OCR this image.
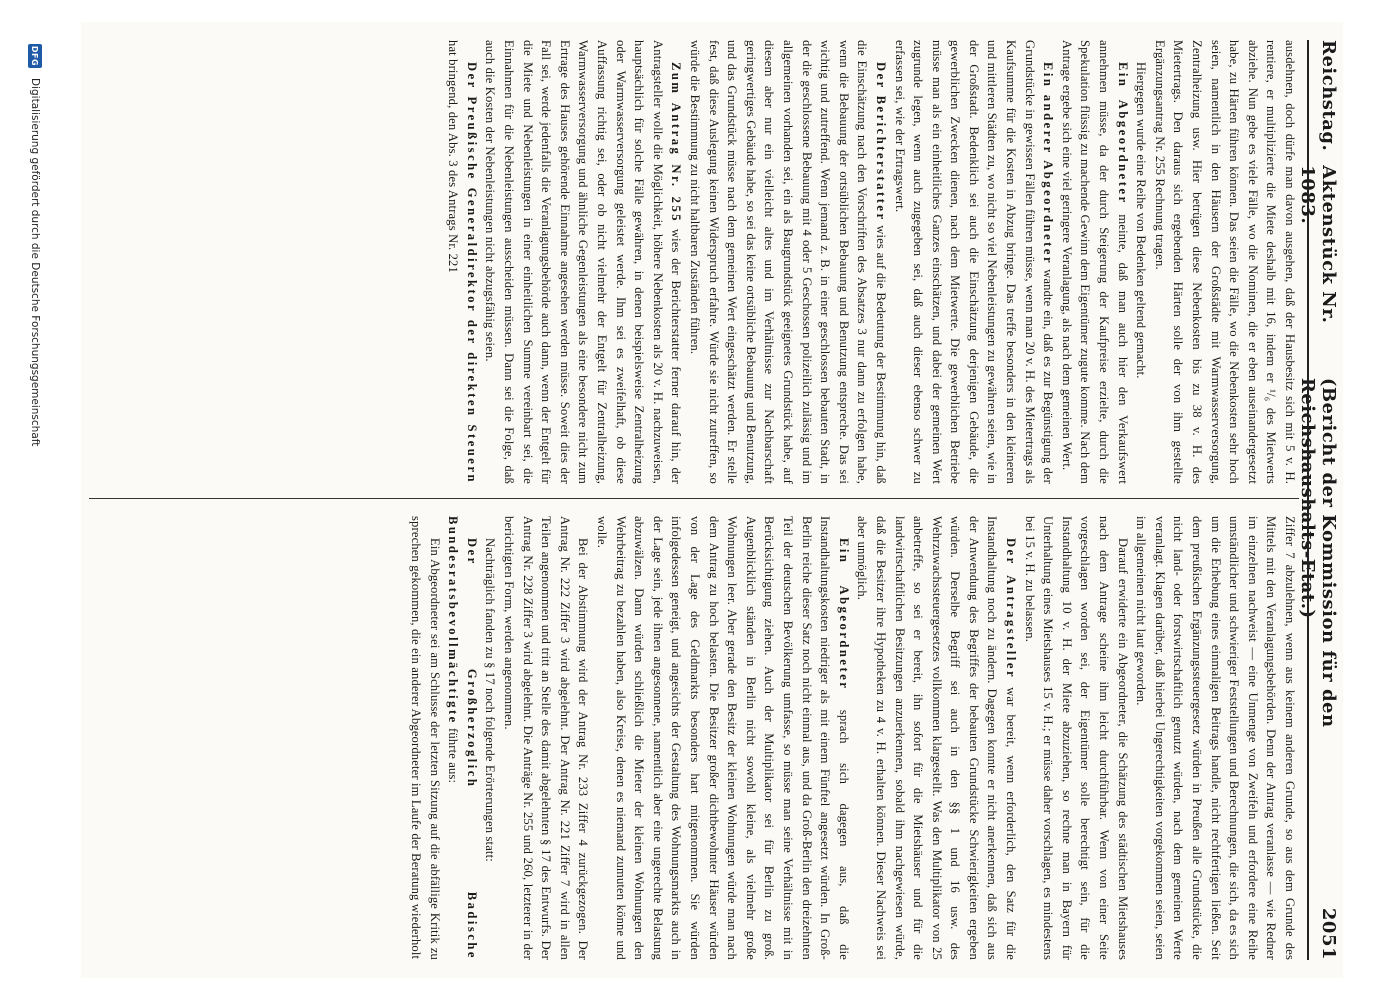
Reichstag.
Aktenstück Nr. 1083.
(Bericht der Kommission für den Reichshaushalts-Etat.)
2051

ausdehnen, doch dürfe man davon ausgehen, daß der Hausbesitz sich mit 5 v. H. rentiere, er multiplizierte die Miete deshalb mit 16, indem er ¹/₆ des Mietwerts abziehe. Nun gebe es viele Fälle, wo die Nominen, die er eben auseinandergesetzt habe, zu Härten führen können. Das seien die Fälle, wo die Nebenkosten sehr hoch seien, namentlich in den Häusern der Großstädte mit Warmwasserversorgung, Zentralheizung usw. Hier betrügen diese Nebenkosten bis zu 38 v. H. des Mietertrags. Den daraus sich ergebenden Härten solle der von ihm gestellte Ergänzungsantrag Nr. 255 Rechnung tragen.

Hiergegen wurde eine Reihe von Bedenken geltend gemacht.

Ein Abgeordneter meinte, daß man auch hier den Verkaufswert annehmen müsse, da der durch Steigerung der Kaufpreise erzielte, durch die Spekulation flüssig zu machende Gewinn dem Eigentümer zugute komme. Nach dem Antrage ergebe sich eine viel geringere Veranlagung, als nach dem gemeinen Wert.

Ein anderer Abgeordneter wandte ein, daß es zur Begünstigung der Grundstücke in gewissen Fällen führen müsse, wenn man 20 v. H. des Mietertrags als Kaufsumme für die Kosten in Abzug bringe. Das treffe besonders in den kleineren und mittleren Städten zu, wo nicht so viel Nebenleistungen zu gewähren seien, wie in der Großstadt. Bedenklich sei auch die Einschätzung derjenigen Gebäude, die gewerblichen Zwecken dienen, nach dem Mietwerte. Die gewerblichen Betriebe müsse man als ein einheitliches Ganzes einschätzen, und dabei der gemeinen Wert zugrunde legen, wenn auch zugegeben sei, daß auch dieser ebenso schwer zu erfassen sei, wie der Ertragswert.

Der Berichterstatter wies auf die Bedeutung der Bestimmung hin, daß die Einschätzung nach den Vorschriften des Absatzes 3 nur dann zu erfolgen habe, wenn die Bebauung der ortsüblichen Bebauung und Benutzung entspreche. Das sei wichtig und zutreffend. Wenn jemand z. B. in einer geschlossen bebauten Stadt, in der die geschlossene Bebauung mit 4 oder 5 Geschossen polizeilich zulässig und im allgemeinen vorhanden sei, ein als Baugrundstück geeignetes Grundstück habe, auf diesem aber nur ein vielleicht altes und im Verhältnisse zur Nachbarschaft geringwertiges Gebäude habe, so sei das keine ortsübliche Bebauung und Benutzung, und das Grundstück müsse nach dem gemeinen Wert eingeschätzt werden. Er stelle fest, daß diese Auslegung keinen Widerspruch erfahre. Würde sie nicht zutreffen, so würde die Bestimmung zu nicht haltbaren Zuständen führen.

Zum Antrag Nr. 255 wies der Berichterstatter ferner darauf hin, der Antragsteller wolle die Möglichkeit, höhere Nebenkosten als 20 v. H. nachzuweisen, hauptsächlich für solche Fälle gewähren, in denen beispielsweise Zentralheizung oder Warmwasserversorgung geleistet werde. Ihm sei es zweifelhaft, ob diese Auffassung richtig sei, oder ob nicht vielmehr der Entgelt für Zentralheizung, Warmwasserversorgung und ähnliche Gegenleistungen als eine besondere nicht zum Ertrage des Hauses gehörende Einnahme angesehen werden müsse. Soweit dies der Fall sei, werde jedenfalls die Veranlagungsbehörde auch dann, wenn der Entgelt für die Miete und Nebenleistungen in einer einheitlichen Summe vereinbart sei, die Einnahmen für die Nebenleistungen ausscheiden müssen. Dann sei die Folge, daß auch die Kosten der Nebenleistungen nicht abzugsfähig seien.

Der Preußische Generaldirektor der direkten Steuern hat bringend, den Abs. 3 des Antrags Nr. 221

Ziffer 7 abzulehnen, wenn aus keinem anderen Grunde, so aus dem Grunde des Mittels mit den Veranlagungsbehörden. Denn der Antrag veranlasse — wie Redner im einzelnen nachweist — eine Unmenge von Zweifeln und erfordere eine Reihe umständlicher und schwieriger Feststellungen und Berechnungen, die sich, da es sich um die Erhebung eines einmaligen Beitrags handle, nicht rechtfertigen ließen. Seit dem preußischen Ergänzungssteuergesetz würden in Preußen alle Grundstücke, die nicht land- oder forstwirtschaftlich genutzt würden, nach dem gemeinen Werte veranlagt. Klagen darüber, daß hierbei Ungerechtigkeiten vorgekommen seien, seien im allgemeinen nicht laut geworden.

Darauf erwiderte ein Abgeordneter, die Schätzung des städtischen Mietshauses nach dem Antrage scheine ihm leicht durchführbar. Wenn von einer Seite vorgeschlagen worden sei, der Eigentümer solle berechtigt sein, für die Instandhaltung 10 v. H. der Miete abzuziehen, so rechne man in Bayern für Unterhaltung eines Mietshauses 15 v. H.; er müsse daher vorschlagen, es mindestens bei 15 v. H. zu belassen.

Der Antragsteller war bereit, wenn erforderlich, den Satz für die Instandhaltung noch zu ändern. Dagegen konnte er nicht anerkennen, daß sich aus der Anwendung des Begriffes der bebauten Grundstücke Schwierigkeiten ergeben würden. Derselbe Begriff sei auch in den §§ 1 und 16 usw. des Wehrzuwachssteuergesetzes vollkommen klargestellt. Was den Multiplikator von 25 anbetreffe, so sei er bereit, ihn sofort für die Mietshäuser und für die landwirtschaftlichen Besitzungen anzuerkennen, sobald ihm nachgewiesen würde, daß die Besitzer ihre Hypotheken zu 4 v. H. erhalten können. Dieser Nachweis sei aber unmöglich.

Ein Abgeordneter sprach sich dagegen aus, daß die Instandhaltungskosten niedriger als mit einem Fünftel angesetzt würden. In Groß-Berlin reiche dieser Satz noch nicht einmal aus, und da Groß-Berlin den dreizehnten Teil der deutschen Bevölkerung umfasse, so müsse man seine Verhältnisse mit in Berücksichtigung ziehen. Auch der Multiplikator sei für Berlin zu groß. Augenblicklich ständen in Berlin nicht sowohl kleine, als vielmehr große Wohnungen leer. Aber gerade den Besitz der kleinen Wohnungen würde man nach dem Antrag zu hoch belasten. Die Besitzer großer dichtbewohnter Häuser würden von der Lage des Geldmarkts besonders hart mitgenommen. Sie würden infolgedessen geneigt, und angesichts der Gestaltung des Wohnungsmarkts auch in der Lage sein, jede ihnen angesonnene, namentlich aber eine ungerechte Belastung abzuwälzen. Dann würden schließlich die Mieter der kleinen Wohnungen den Wehrbeitrag zu bezahlen haben, also Kreise, denen es niemand zumuten könne und wolle.

Bei der Abstimmung wird der Antrag Nr. 233 Ziffer 4 zurückgezogen. Der Antrag Nr. 222 Ziffer 3 wird abgelehnt. Der Antrag Nr. 221 Ziffer 7 wird in allen Teilen angenommen und tritt an Stelle des damit abgelehnten § 17 des Entwurfs. Der Antrag Nr. 228 Ziffer 3 wird abgelehnt. Die Anträge Nr. 255 und 260, letzterer in der berichtigten Form, werden angenommen.

Nachträglich fanden zu § 17 noch folgende Erörterungen statt:

Der Großherzoglich Badische Bundesratsbevollmächtigte führte aus:

Ein Abgeordneter sei am Schlusse der letzten Sitzung auf die abfällige Kritik zu sprechen gekommen, die ein anderer Abgeordneter im Laufe der Beratung wiederholt

DFG
Digitalisierung gefördert durch die Deutsche Forschungsgemeinschaft
